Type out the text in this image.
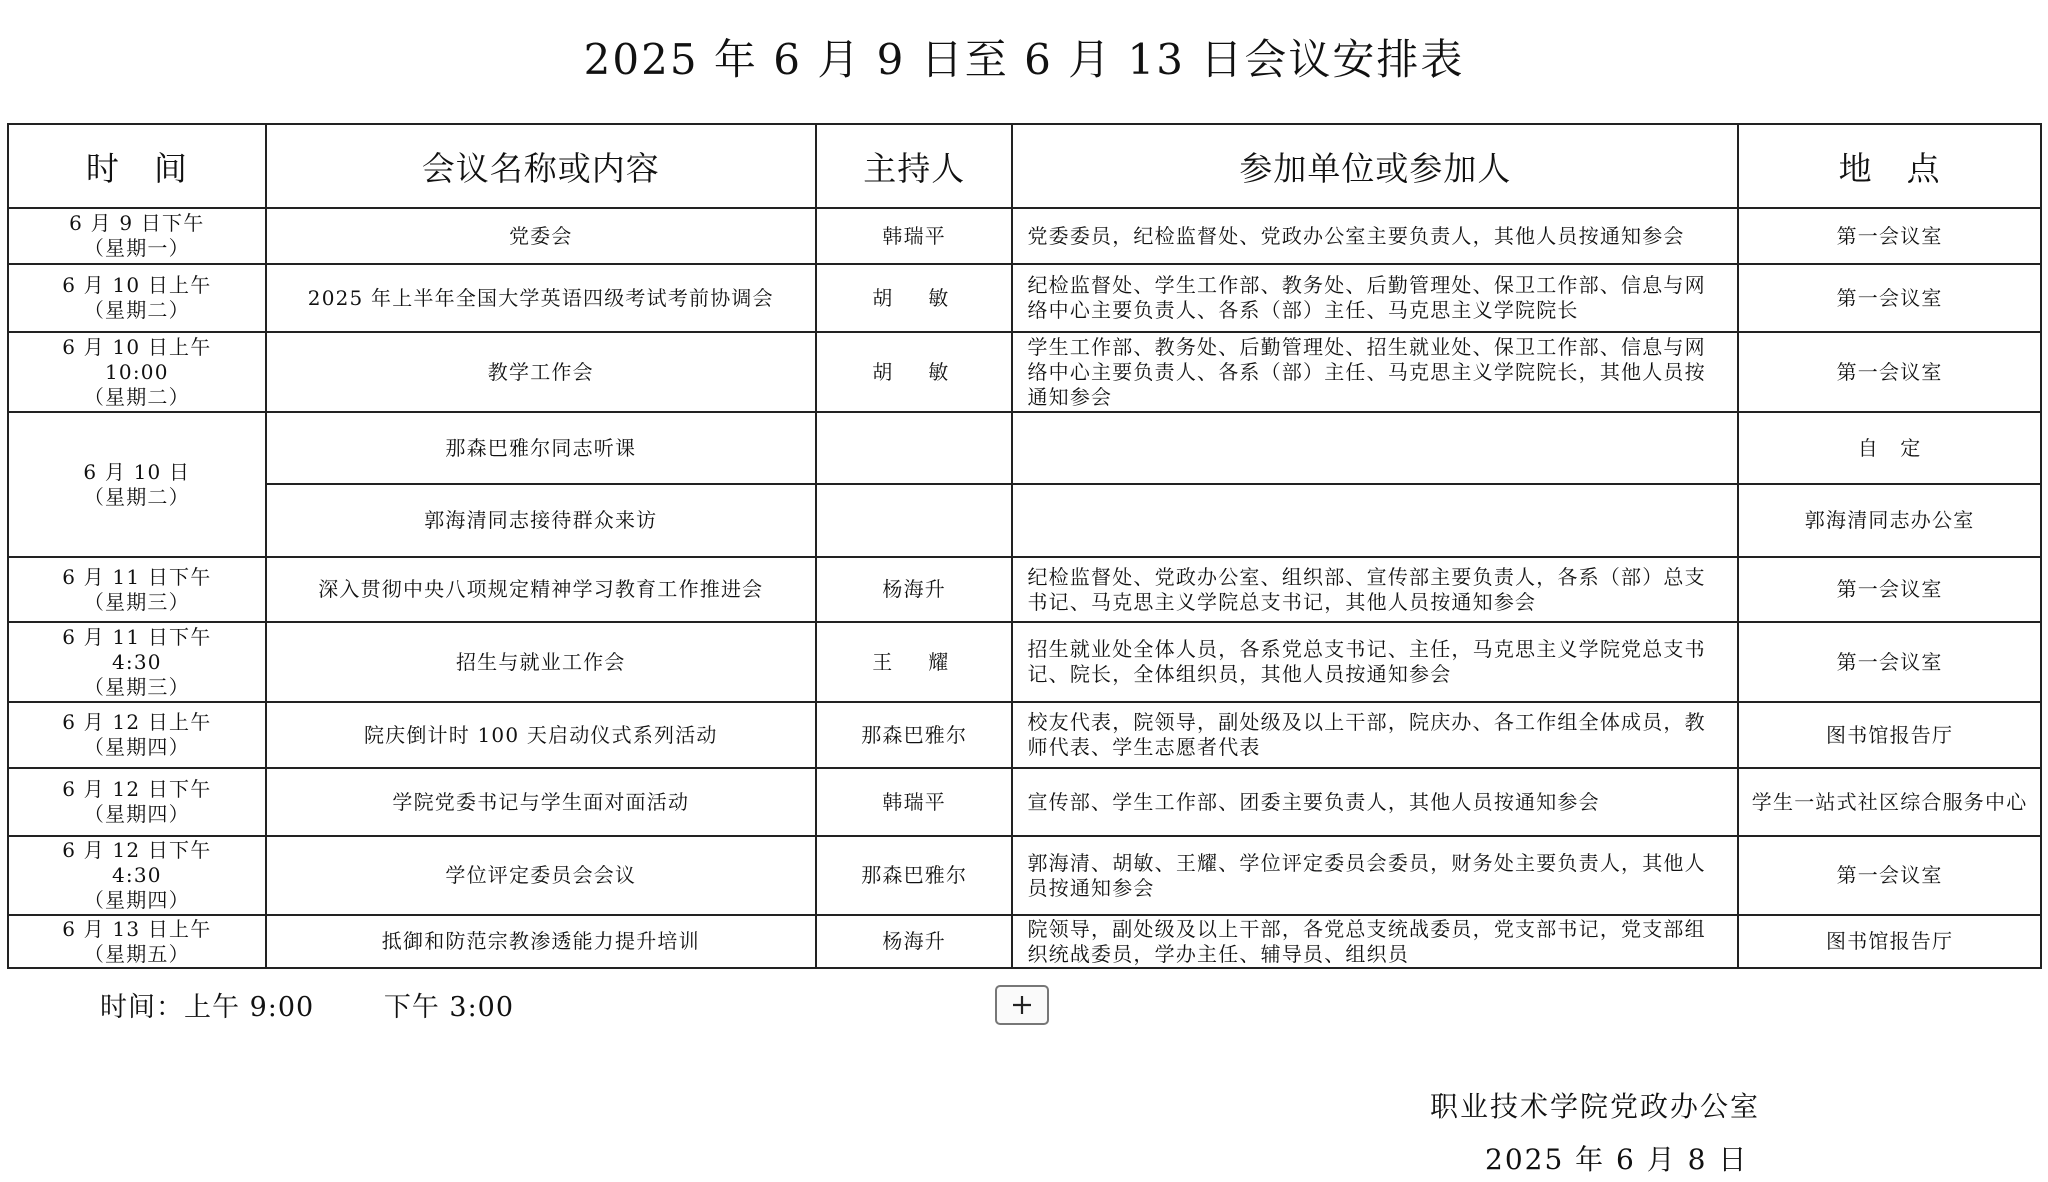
2025 年 6 月 9 日至 6 月 13 日会议安排表
时　间	会议名称或内容	主持人	参加单位或参加人	地　点

6 月 9 日下午
（星期一）	党委会	韩瑞平	党委委员，纪检监督处、党政办公室主要负责人，其他人员按通知参会	第一会议室

6 月 10 日上午
（星期二）	2025 年上半年全国大学英语四级考试考前协调会	胡　敏	纪检监督处、学生工作部、教务处、后勤管理处、保卫工作部、信息与网络中心主要负责人、各系（部）主任、马克思主义学院院长	第一会议室

6 月 10 日上午
10:00
（星期二）	教学工作会	胡　敏	学生工作部、教务处、后勤管理处、招生就业处、保卫工作部、信息与网络中心主要负责人、各系（部）主任、马克思主义学院院长，其他人员按通知参会	第一会议室

6 月 10 日
（星期二）	那森巴雅尔同志听课			自　定
	郭海清同志接待群众来访			郭海清同志办公室

6 月 11 日下午
（星期三）	深入贯彻中央八项规定精神学习教育工作推进会	杨海升	纪检监督处、党政办公室、组织部、宣传部主要负责人，各系（部）总支书记、马克思主义学院总支书记，其他人员按通知参会	第一会议室

6 月 11 日下午
4:30
（星期三）	招生与就业工作会	王　耀	招生就业处全体人员，各系党总支书记、主任，马克思主义学院党总支书记、院长，全体组织员，其他人员按通知参会	第一会议室

6 月 12 日上午
（星期四）	院庆倒计时 100 天启动仪式系列活动	那森巴雅尔	校友代表，院领导，副处级及以上干部，院庆办、各工作组全体成员，教师代表、学生志愿者代表	图书馆报告厅

6 月 12 日下午
（星期四）	学院党委书记与学生面对面活动	韩瑞平	宣传部、学生工作部、团委主要负责人，其他人员按通知参会	学生一站式社区综合服务中心

6 月 12 日下午
4:30
（星期四）	学位评定委员会会议	那森巴雅尔	郭海清、胡敏、王耀、学位评定委员会委员，财务处主要负责人，其他人员按通知参会	第一会议室

6 月 13 日上午
（星期五）	抵御和防范宗教渗透能力提升培训	杨海升	院领导，副处级及以上干部，各党总支统战委员，党支部书记，党支部组织统战委员，学办主任、辅导员、组织员	图书馆报告厅
时间：上午 9:00	下午 3:00
职业技术学院党政办公室
2025 年 6 月 8 日
